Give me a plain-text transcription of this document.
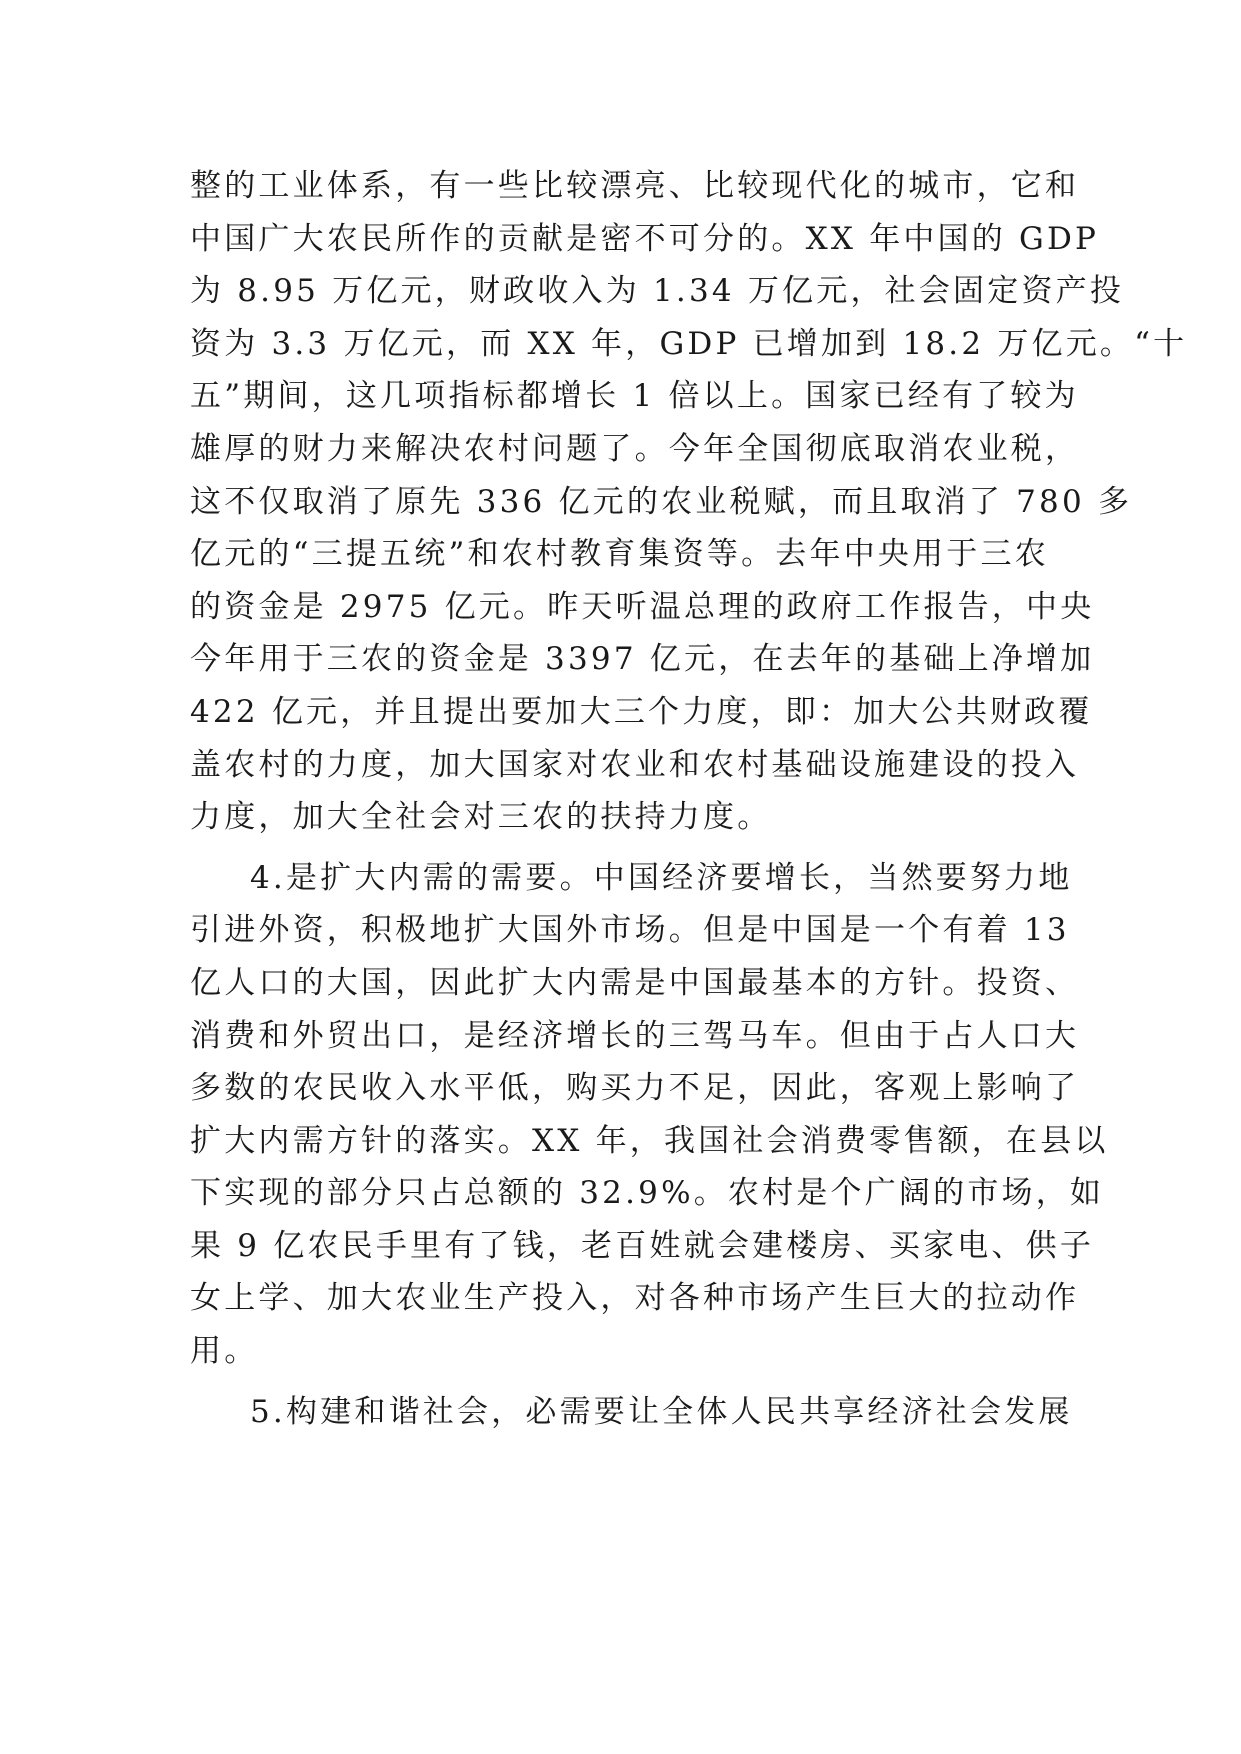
整的工业体系，有一些比较漂亮、比较现代化的城市，它和
中国广大农民所作的贡献是密不可分的。XX 年中国的 GDP
为 8.95 万亿元，财政收入为 1.34 万亿元，社会固定资产投
资为 3.3 万亿元，而 XX 年，GDP 已增加到 18.2 万亿元。“十
五”期间，这几项指标都增长 1 倍以上。国家已经有了较为
雄厚的财力来解决农村问题了。今年全国彻底取消农业税，
这不仅取消了原先 336 亿元的农业税赋，而且取消了 780 多
亿元的“三提五统”和农村教育集资等。去年中央用于三农
的资金是 2975 亿元。昨天听温总理的政府工作报告，中央
今年用于三农的资金是 3397 亿元，在去年的基础上净增加
422 亿元，并且提出要加大三个力度，即：加大公共财政覆
盖农村的力度，加大国家对农业和农村基础设施建设的投入
力度，加大全社会对三农的扶持力度。
4.是扩大内需的需要。中国经济要增长，当然要努力地
引进外资，积极地扩大国外市场。但是中国是一个有着 13
亿人口的大国，因此扩大内需是中国最基本的方针。投资、
消费和外贸出口，是经济增长的三驾马车。但由于占人口大
多数的农民收入水平低，购买力不足，因此，客观上影响了
扩大内需方针的落实。XX 年，我国社会消费零售额，在县以
下实现的部分只占总额的 32.9%。农村是个广阔的市场，如
果 9 亿农民手里有了钱，老百姓就会建楼房、买家电、供子
女上学、加大农业生产投入，对各种市场产生巨大的拉动作
用。
5.构建和谐社会，必需要让全体人民共享经济社会发展
